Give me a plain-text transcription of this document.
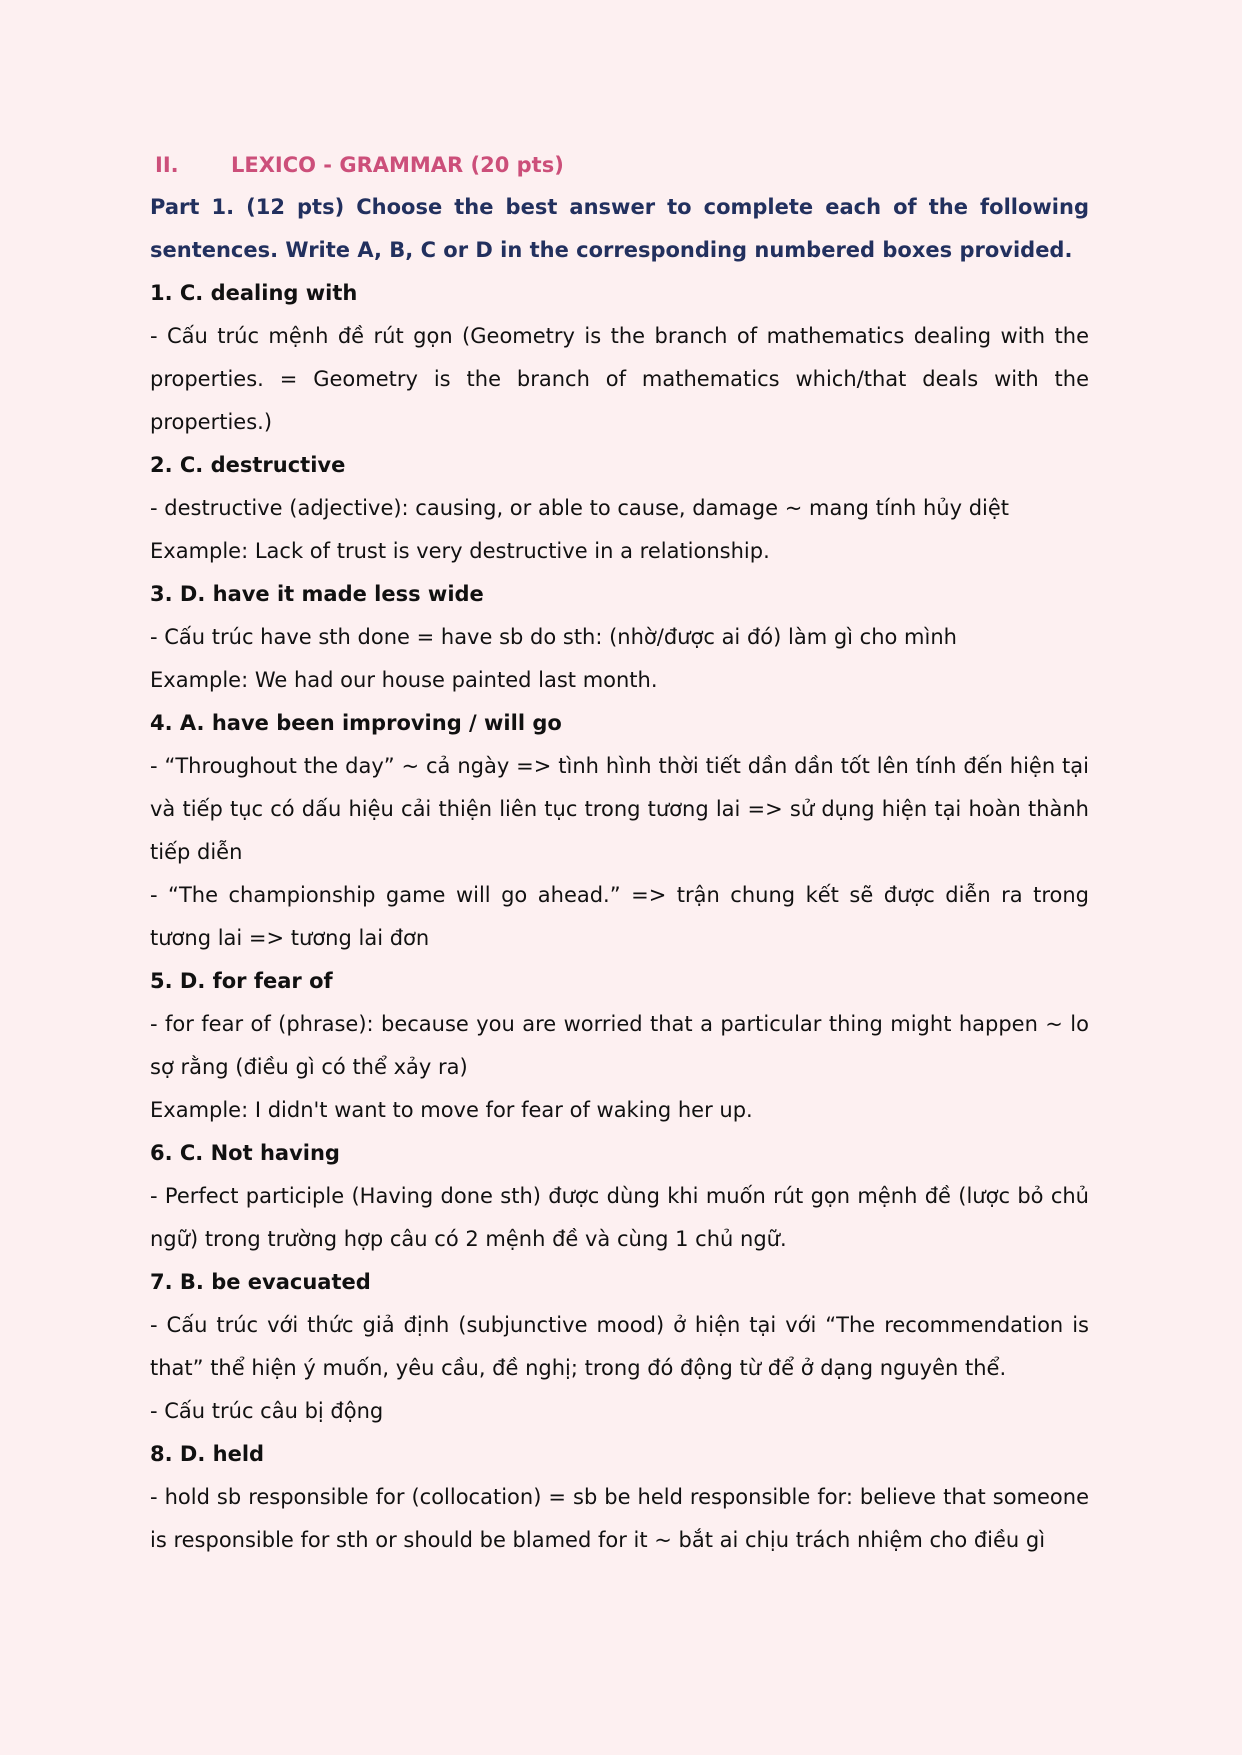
II. LEXICO - GRAMMAR (20 pts)

Part 1. (12 pts) Choose the best answer to complete each of the following sentences. Write A, B, C or D in the corresponding numbered boxes provided.

1. C. dealing with

- Cấu trúc mệnh đề rút gọn (Geometry is the branch of mathematics dealing with the properties. = Geometry is the branch of mathematics which/that deals with the properties.)

2. C. destructive

- destructive (adjective): causing, or able to cause, damage ~ mang tính hủy diệt

Example: Lack of trust is very destructive in a relationship.

3. D. have it made less wide

- Cấu trúc have sth done = have sb do sth: (nhờ/được ai đó) làm gì cho mình

Example: We had our house painted last month.

4. A. have been improving / will go

- “Throughout the day” ~ cả ngày => tình hình thời tiết dần dần tốt lên tính đến hiện tại và tiếp tục có dấu hiệu cải thiện liên tục trong tương lai => sử dụng hiện tại hoàn thành tiếp diễn

- “The championship game will go ahead.” => trận chung kết sẽ được diễn ra trong tương lai => tương lai đơn

5. D. for fear of

- for fear of (phrase): because you are worried that a particular thing might happen ~ lo sợ rằng (điều gì có thể xảy ra)

Example: I didn't want to move for fear of waking her up.

6. C. Not having

- Perfect participle (Having done sth) được dùng khi muốn rút gọn mệnh đề (lược bỏ chủ ngữ) trong trường hợp câu có 2 mệnh đề và cùng 1 chủ ngữ.

7. B. be evacuated

- Cấu trúc với thức giả định (subjunctive mood) ở hiện tại với “The recommendation is that” thể hiện ý muốn, yêu cầu, đề nghị; trong đó động từ để ở dạng nguyên thể.

- Cấu trúc câu bị động

8. D. held

- hold sb responsible for (collocation) = sb be held responsible for: believe that someone is responsible for sth or should be blamed for it ~ bắt ai chịu trách nhiệm cho điều gì
